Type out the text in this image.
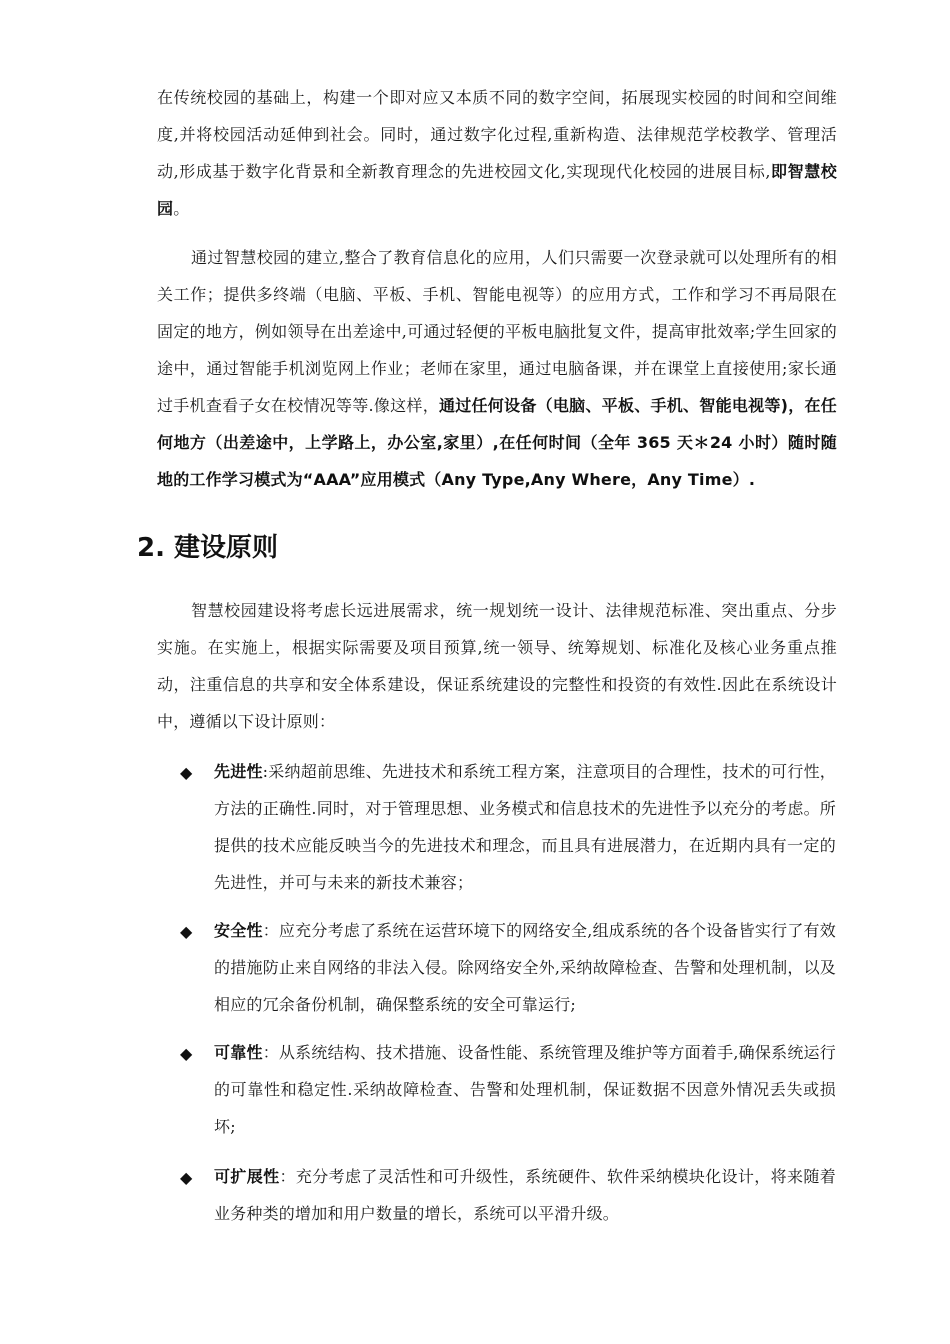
在传统校园的基础上，构建一个即对应又本质不同的数字空间，拓展现实校园的时间和空间维度,并将校园活动延伸到社会。同时，通过数字化过程,重新构造、法律规范学校教学、管理活动,形成基于数字化背景和全新教育理念的先进校园文化,实现现代化校园的进展目标,即智慧校园。

通过智慧校园的建立,整合了教育信息化的应用，人们只需要一次登录就可以处理所有的相关工作；提供多终端（电脑、平板、手机、智能电视等）的应用方式，工作和学习不再局限在固定的地方，例如领导在出差途中,可通过轻便的平板电脑批复文件，提高审批效率;学生回家的途中，通过智能手机浏览网上作业；老师在家里，通过电脑备课，并在课堂上直接使用;家长通过手机查看子女在校情况等等.像这样，通过任何设备（电脑、平板、手机、智能电视等)，在任何地方（出差途中，上学路上，办公室,家里）,在任何时间（全年 365 天＊24 小时）随时随地的工作学习模式为“AAA”应用模式（Any Type,Any Where，Any Time）.

2. 建设原则

智慧校园建设将考虑长远进展需求，统一规划统一设计、法律规范标准、突出重点、分步实施。在实施上，根据实际需要及项目预算,统一领导、统筹规划、标准化及核心业务重点推动，注重信息的共享和安全体系建设，保证系统建设的完整性和投资的有效性.因此在系统设计中，遵循以下设计原则：

◆ 先进性:采纳超前思维、先进技术和系统工程方案，注意项目的合理性，技术的可行性，方法的正确性.同时，对于管理思想、业务模式和信息技术的先进性予以充分的考虑。所提供的技术应能反映当今的先进技术和理念，而且具有进展潜力，在近期内具有一定的先进性，并可与未来的新技术兼容；

◆ 安全性：应充分考虑了系统在运营环境下的网络安全,组成系统的各个设备皆实行了有效的措施防止来自网络的非法入侵。除网络安全外,采纳故障检查、告警和处理机制，以及相应的冗余备份机制，确保整系统的安全可靠运行;

◆ 可靠性：从系统结构、技术措施、设备性能、系统管理及维护等方面着手,确保系统运行的可靠性和稳定性.采纳故障检查、告警和处理机制，保证数据不因意外情况丢失或损坏;

◆ 可扩展性：充分考虑了灵活性和可升级性，系统硬件、软件采纳模块化设计，将来随着业务种类的增加和用户数量的增长，系统可以平滑升级。
